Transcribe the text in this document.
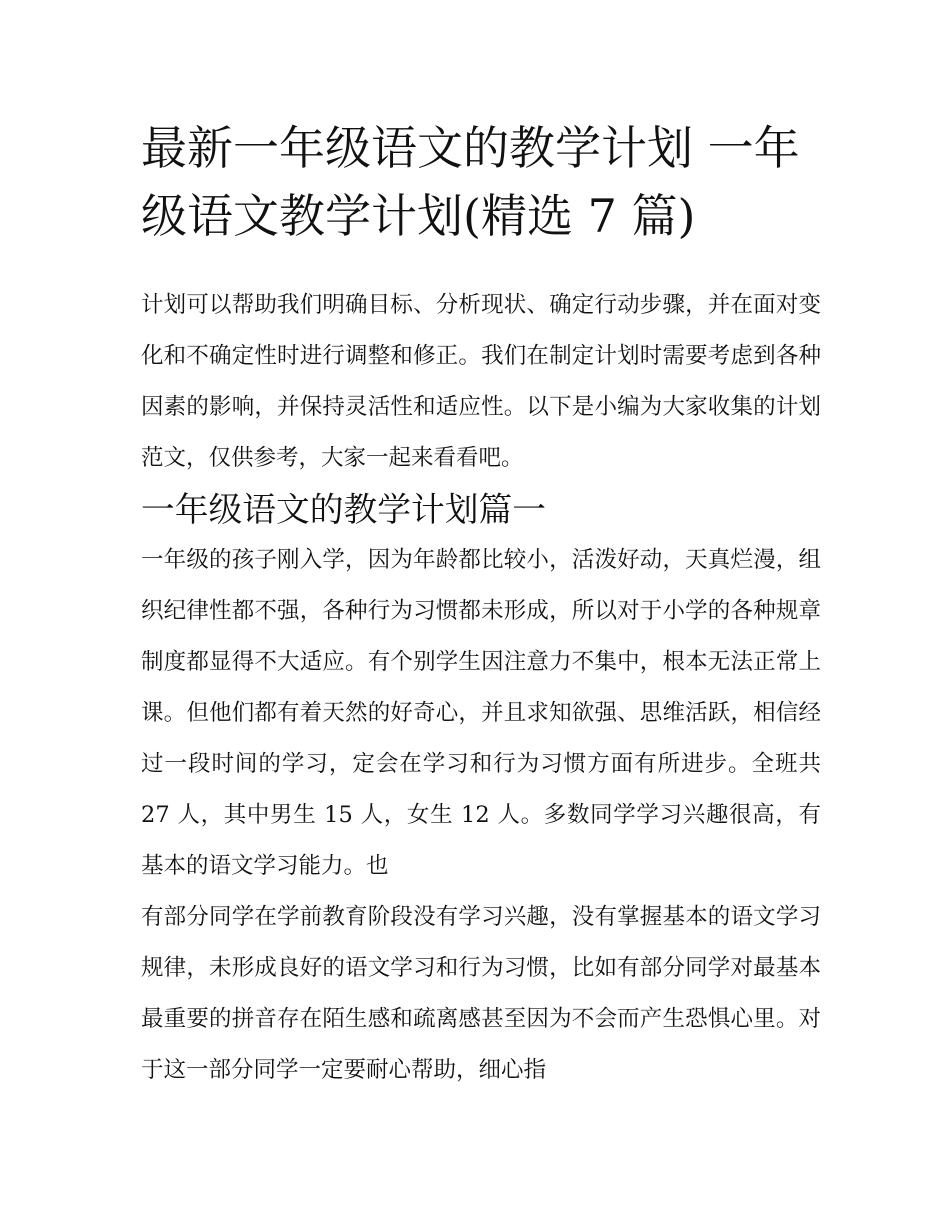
最新一年级语文的教学计划 一年级语文教学计划(精选 7 篇)

计划可以帮助我们明确目标、分析现状、确定行动步骤，并在面对变化和不确定性时进行调整和修正。我们在制定计划时需要考虑到各种因素的影响，并保持灵活性和适应性。以下是小编为大家收集的计划范文，仅供参考，大家一起来看看吧。

一年级语文的教学计划篇一

一年级的孩子刚入学，因为年龄都比较小，活泼好动，天真烂漫，组织纪律性都不强，各种行为习惯都未形成，所以对于小学的各种规章制度都显得不大适应。有个别学生因注意力不集中，根本无法正常上课。但他们都有着天然的好奇心，并且求知欲强、思维活跃，相信经过一段时间的学习，定会在学习和行为习惯方面有所进步。全班共 27 人，其中男生 15 人，女生 12 人。多数同学学习兴趣很高，有基本的语文学习能力。也

有部分同学在学前教育阶段没有学习兴趣，没有掌握基本的语文学习规律，未形成良好的语文学习和行为习惯，比如有部分同学对最基本最重要的拼音存在陌生感和疏离感甚至因为不会而产生恐惧心里。对于这一部分同学一定要耐心帮助，细心指
